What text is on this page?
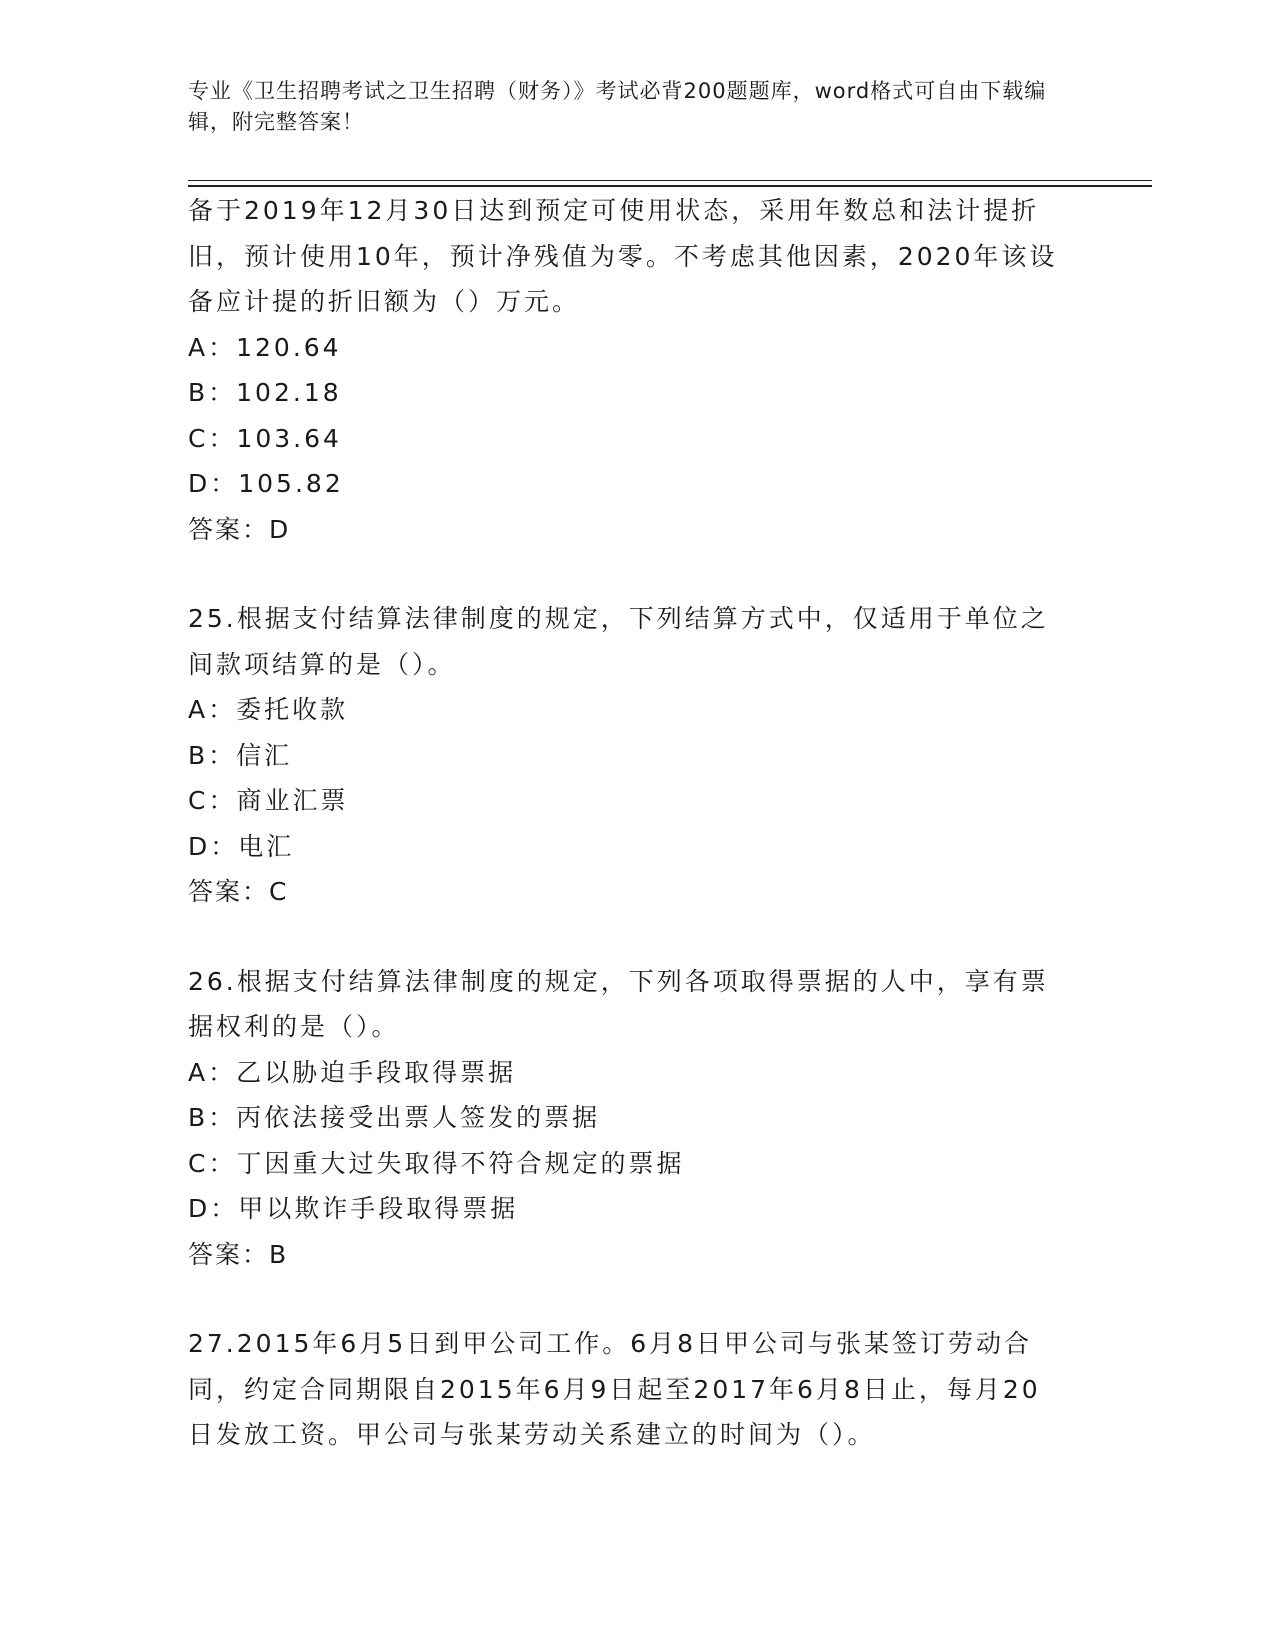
专业《卫生招聘考试之卫生招聘（财务）》考试必背200题题库，word格式可自由下载编辑，附完整答案！

备于2019年12月30日达到预定可使用状态，采用年数总和法计提折旧，预计使用10年，预计净残值为零。不考虑其他因素，2020年该设备应计提的折旧额为（）万元。

A：120.64
B：102.18
C：103.64
D：105.82

答案：D

25.根据支付结算法律制度的规定，下列结算方式中，仅适用于单位之间款项结算的是（）。

A：委托收款
B：信汇
C：商业汇票
D：电汇

答案：C

26.根据支付结算法律制度的规定，下列各项取得票据的人中，享有票据权利的是（）。

A：乙以胁迫手段取得票据
B：丙依法接受出票人签发的票据
C：丁因重大过失取得不符合规定的票据
D：甲以欺诈手段取得票据

答案：B

27.2015年6月5日到甲公司工作。6月8日甲公司与张某签订劳动合同，约定合同期限自2015年6月9日起至2017年6月8日止，每月20日发放工资。甲公司与张某劳动关系建立的时间为（）。
